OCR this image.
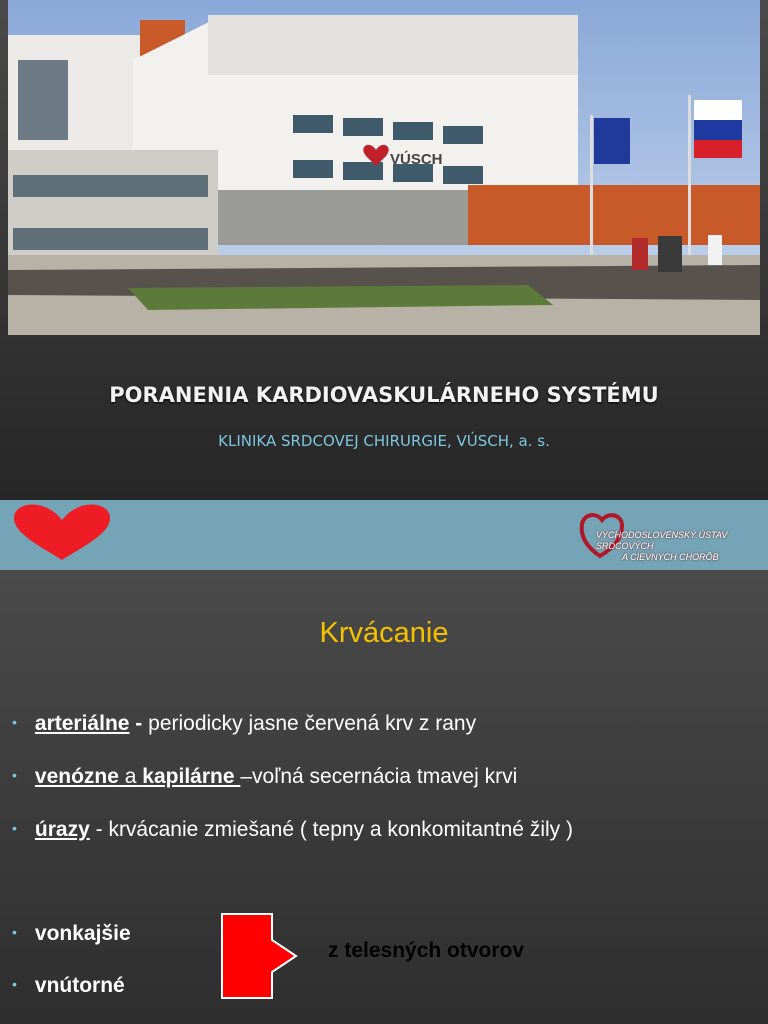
VÚSCH
PORANENIA KARDIOVASKULÁRNEHO SYSTÉMU
KLINIKA SRDCOVEJ CHIRURGIE, VÚSCH, a. s.
VÝCHODOSLOVENSKÝ ÚSTAV SRDCOVÝCH
A CIEVNYCH CHORÔB
Krvácanie
• arteriálne - periodicky jasne červená krv z rany
• venózne a kapilárne –voľná secernácia tmavej krvi
• úrazy - krvácanie zmiešané ( tepny a konkomitantné žily )
• vonkajšie
• vnútorné
z telesných otvorov
